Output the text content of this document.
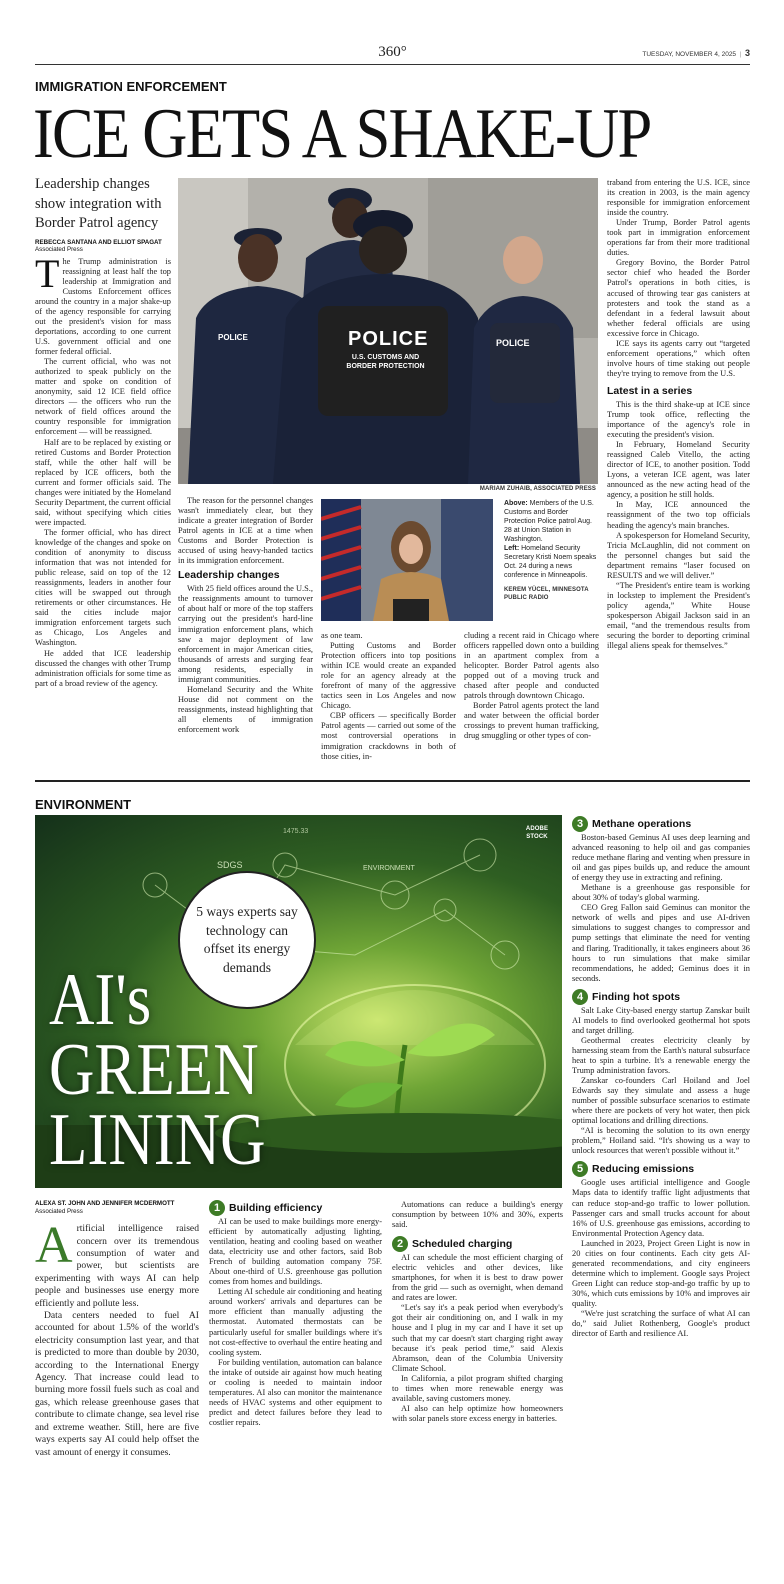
360°	TUESDAY, NOVEMBER 4, 2025  |  3
IMMIGRATION ENFORCEMENT
ICE GETS A SHAKE-UP
Leadership changes show integration with Border Patrol agency
REBECCA SANTANA AND ELLIOT SPAGAT
Associated Press
The Trump administration is reassigning at least half the top leadership at Immigration and Customs Enforcement offices around the country in a major shake-up of the agency responsible for carrying out the president's vision for mass deportations, according to one current U.S. government official and one former federal official.

The current official, who was not authorized to speak publicly on the matter and spoke on condition of anonymity, said 12 ICE field office directors — the officers who run the network of field offices around the country responsible for immigration enforcement — will be reassigned.

Half are to be replaced by existing or retired Customs and Border Protection staff, while the other half will be replaced by ICE officers, both the current and former officials said. The changes were initiated by the Homeland Security Department, the current official said, without specifying which cities were impacted.

The former official, who has direct knowledge of the changes and spoke on condition of anonymity to discuss information that was not intended for public release, said on top of the 12 reassignments, leaders in another four cities will be swapped out through retirements or other circumstances. He said the cities include major immigration enforcement targets such as Chicago, Los Angeles and Washington.

He added that ICE leadership discussed the changes with other Trump administration officials for some time as part of a broad review of the agency.

POLICE
U.S. CUSTOMS AND BORDER PROTECTION
POLICE
POLICE
MARIAM ZUHAIB, ASSOCIATED PRESS

The reason for the personnel changes wasn't immediately clear, but they indicate a greater integration of Border Patrol agents in ICE at a time when Customs and Border Protection is accused of using heavy-handed tactics in its immigration enforcement.

Leadership changes

With 25 field offices around the U.S., the reassignments amount to turnover of about half or more of the top staffers carrying out the president's hard-line immigration enforcement plans, which saw a major deployment of law enforcement in major American cities, thousands of arrests and surging fear among residents, especially in immigrant communities.

Homeland Security and the White House did not comment on the reassignments, instead highlighting that all elements of immigration enforcement work

Above: Members of the U.S. Customs and Border Protection Police patrol Aug. 28 at Union Station in Washington.
Left: Homeland Security Secretary Kristi Noem speaks Oct. 24 during a news conference in Minneapolis.
KEREM YÜCEL, MINNESOTA PUBLIC RADIO
as one team.

Putting Customs and Border Protection officers into top positions within ICE would create an expanded role for an agency already at the forefront of many of the aggressive tactics seen in Los Angeles and now Chicago.

CBP officers — specifically Border Patrol agents — carried out some of the most controversial operations in immigration crackdowns in both of those cities, in-

cluding a recent raid in Chicago where officers rappelled down onto a building in an apartment complex from a helicopter. Border Patrol agents also popped out of a moving truck and chased after people and conducted patrols through downtown Chicago.

Border Patrol agents protect the land and water between the official border crossings to prevent human trafficking, drug smuggling or other types of con-

traband from entering the U.S. ICE, since its creation in 2003, is the main agency responsible for immigration enforcement inside the country.

Under Trump, Border Patrol agents took part in immigration enforcement operations far from their more traditional duties.

Gregory Bovino, the Border Patrol sector chief who headed the Border Patrol's operations in both cities, is accused of throwing tear gas canisters at protesters and took the stand as a defendant in a federal lawsuit about whether federal officials are using excessive force in Chicago.

ICE says its agents carry out “targeted enforcement operations,” which often involve hours of time staking out people they're trying to remove from the U.S.

Latest in a series

This is the third shake-up at ICE since Trump took office, reflecting the importance of the agency's role in executing the president's vision.

In February, Homeland Security reassigned Caleb Vitello, the acting director of ICE, to another position. Todd Lyons, a veteran ICE agent, was later announced as the new acting head of the agency, a position he still holds.

In May, ICE announced the reassignment of the two top officials heading the agency's main branches.

A spokesperson for Homeland Security, Tricia McLaughlin, did not comment on the personnel changes but said the department remains “laser focused on RESULTS and we will deliver.”

“The President's entire team is working in lockstep to implement the President's policy agenda,” White House spokesperson Abigail Jackson said in an email, “and the tremendous results from securing the border to deporting criminal illegal aliens speak for themselves.”

ENVIRONMENT
SDGS	ENVIRONMENT
1475.33	ADOBE STOCK
5 ways experts say technology can offset its energy demands
AI's
GREEN
LINING
ALEXA ST. JOHN AND JENNIFER MCDERMOTT
Associated Press
Artificial intelligence raised concern over its tremendous consumption of water and power, but scientists are experimenting with ways AI can help people and businesses use energy more efficiently and pollute less.

Data centers needed to fuel AI accounted for about 1.5% of the world's electricity consumption last year, and that is predicted to more than double by 2030, according to the International Energy Agency. That increase could lead to burning more fossil fuels such as coal and gas, which release greenhouse gases that contribute to climate change, sea level rise and extreme weather. Still, here are five ways experts say AI could help offset the vast amount of energy it consumes.

1 Building efficiency

AI can be used to make buildings more energy-efficient by automatically adjusting lighting, ventilation, heating and cooling based on weather data, electricity use and other factors, said Bob French of building automation company 75F. About one-third of U.S. greenhouse gas pollution comes from homes and buildings.

Letting AI schedule air conditioning and heating around workers' arrivals and departures can be more efficient than manually adjusting the thermostat. Automated thermostats can be particularly useful for smaller buildings where it's not cost-effective to overhaul the entire heating and cooling system.

For building ventilation, automation can balance the intake of outside air against how much heating or cooling is needed to maintain indoor temperatures. AI also can monitor the maintenance needs of HVAC systems and other equipment to predict and detect failures before they lead to costlier repairs.

Automations can reduce a building's energy consumption by between 10% and 30%, experts said.

2 Scheduled charging

AI can schedule the most efficient charging of electric vehicles and other devices, like smartphones, for when it is best to draw power from the grid — such as overnight, when demand and rates are lower.

“Let's say it's a peak period when everybody's got their air conditioning on, and I walk in my house and I plug in my car and I have it set up such that my car doesn't start charging right away because it's peak period time,” said Alexis Abramson, dean of the Columbia University Climate School.

In California, a pilot program shifted charging to times when more renewable energy was available, saving customers money.

AI also can help optimize how homeowners with solar panels store excess energy in batteries.

3 Methane operations

Boston-based Geminus AI uses deep learning and advanced reasoning to help oil and gas companies reduce methane flaring and venting when pressure in oil and gas pipes builds up, and reduce the amount of energy they use in extracting and refining.

Methane is a greenhouse gas responsible for about 30% of today's global warming.

CEO Greg Fallon said Geminus can monitor the network of wells and pipes and use AI-driven simulations to suggest changes to compressor and pump settings that eliminate the need for venting and flaring. Traditionally, it takes engineers about 36 hours to run simulations that make similar recommendations, he added; Geminus does it in seconds.

4 Finding hot spots

Salt Lake City-based energy startup Zanskar built AI models to find overlooked geothermal hot spots and target drilling.

Geothermal creates electricity cleanly by harnessing steam from the Earth's natural subsurface heat to spin a turbine. It's a renewable energy the Trump administration favors.

Zanskar co-founders Carl Hoiland and Joel Edwards say they simulate and assess a huge number of possible subsurface scenarios to estimate where there are pockets of very hot water, then pick optimal locations and drilling directions.

“AI is becoming the solution to its own energy problem,” Hoiland said. “It's showing us a way to unlock resources that weren't possible without it.”

5 Reducing emissions

Google uses artificial intelligence and Google Maps data to identify traffic light adjustments that can reduce stop-and-go traffic to lower pollution. Passenger cars and small trucks account for about 16% of U.S. greenhouse gas emissions, according to Environmental Protection Agency data.

Launched in 2023, Project Green Light is now in 20 cities on four continents. Each city gets AI-generated recommendations, and city engineers determine which to implement. Google says Project Green Light can reduce stop-and-go traffic by up to 30%, which cuts emissions by 10% and improves air quality.

“We're just scratching the surface of what AI can do,” said Juliet Rothenberg, Google's product director of Earth and resilience AI.
